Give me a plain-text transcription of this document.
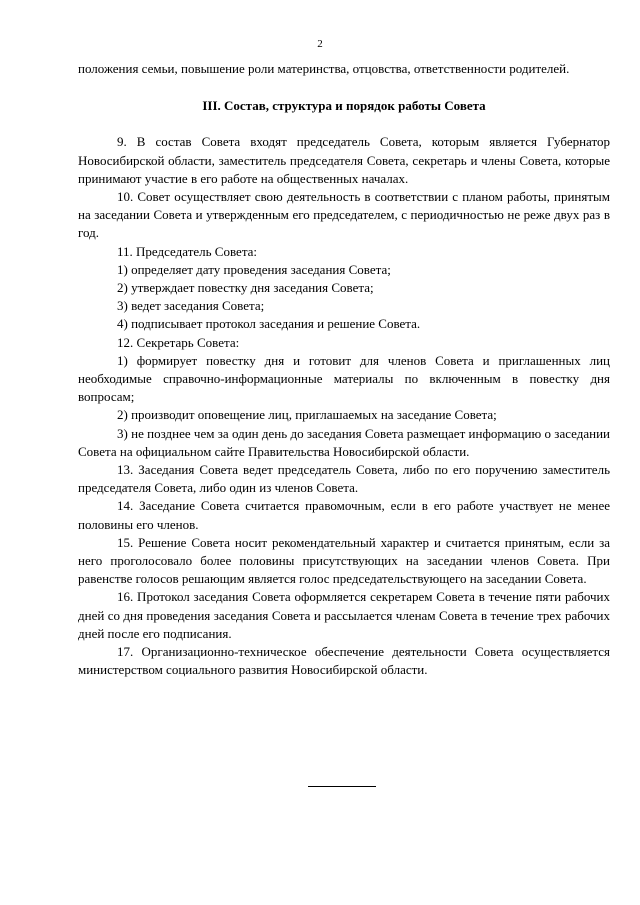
2

положения семьи, повышение роли материнства, отцовства, ответственности родителей.

III. Состав, структура и порядок работы Совета

9. В состав Совета входят председатель Совета, которым является Губернатор Новосибирской области, заместитель председателя Совета, секретарь и члены Совета, которые принимают участие в его работе на общественных началах.

10. Совет осуществляет свою деятельность в соответствии с планом работы, принятым на заседании Совета и утвержденным его председателем, с периодичностью не реже двух раз в год.

11. Председатель Совета:

1) определяет дату проведения заседания Совета;

2) утверждает повестку дня заседания Совета;

3) ведет заседания Совета;

4) подписывает протокол заседания и решение Совета.

12. Секретарь Совета:

1) формирует повестку дня и готовит для членов Совета и приглашенных лиц необходимые справочно-информационные материалы по включенным в повестку дня вопросам;

2) производит оповещение лиц, приглашаемых на заседание Совета;

3) не позднее чем за один день до заседания Совета размещает информацию о заседании Совета на официальном сайте Правительства Новосибирской области.

13. Заседания Совета ведет председатель Совета, либо по его поручению заместитель председателя Совета, либо один из членов Совета.

14. Заседание Совета считается правомочным, если в его работе участвует не менее половины его членов.

15. Решение Совета носит рекомендательный характер и считается принятым, если за него проголосовало более половины присутствующих на заседании членов Совета. При равенстве голосов решающим является голос председательствующего на заседании Совета.

16. Протокол заседания Совета оформляется секретарем Совета в течение пяти рабочих дней со дня проведения заседания Совета и рассылается членам Совета в течение трех рабочих дней после его подписания.

17. Организационно-техническое обеспечение деятельности Совета осуществляется министерством социального развития Новосибирской области.
